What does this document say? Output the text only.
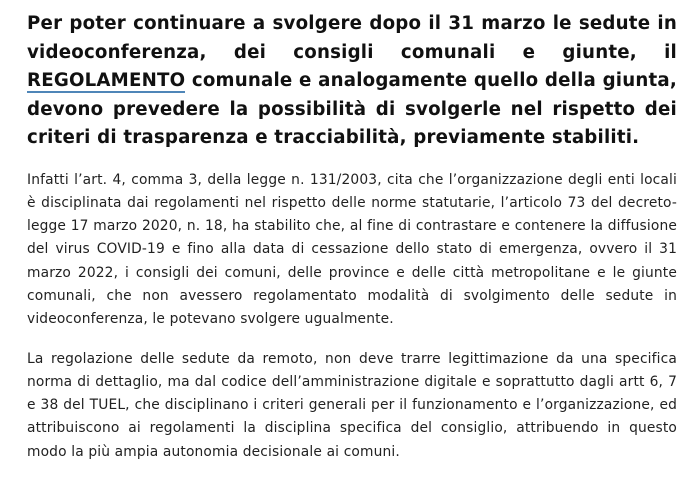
Per poter continuare a svolgere dopo il 31 marzo le sedute in videoconferenza, dei consigli comunali e giunte, il REGOLAMENTO comunale e analogamente quello della giunta, devono prevedere la possibilità di svolgerle nel rispetto dei criteri di trasparenza e tracciabilità, previamente stabiliti.

Infatti l’art. 4, comma 3, della legge n. 131/2003, cita che l’organizzazione degli enti locali è disciplinata dai regolamenti nel rispetto delle norme statutarie, l’articolo 73 del decreto-legge 17 marzo 2020, n. 18, ha stabilito che, al fine di contrastare e contenere la diffusione del virus COVID-19 e fino alla data di cessazione dello stato di emergenza, ovvero il 31 marzo 2022, i consigli dei comuni, delle province e delle città metropolitane e le giunte comunali, che non avessero regolamentato modalità di svolgimento delle sedute in videoconferenza, le potevano svolgere ugualmente.

La regolazione delle sedute da remoto, non deve trarre legittimazione da una specifica norma di dettaglio, ma dal codice dell’amministrazione digitale e soprattutto dagli artt 6, 7 e 38 del TUEL, che disciplinano i criteri generali per il funzionamento e l’organizzazione, ed attribuiscono ai regolamenti la disciplina specifica del consiglio, attribuendo in questo modo la più ampia autonomia decisionale ai comuni.
